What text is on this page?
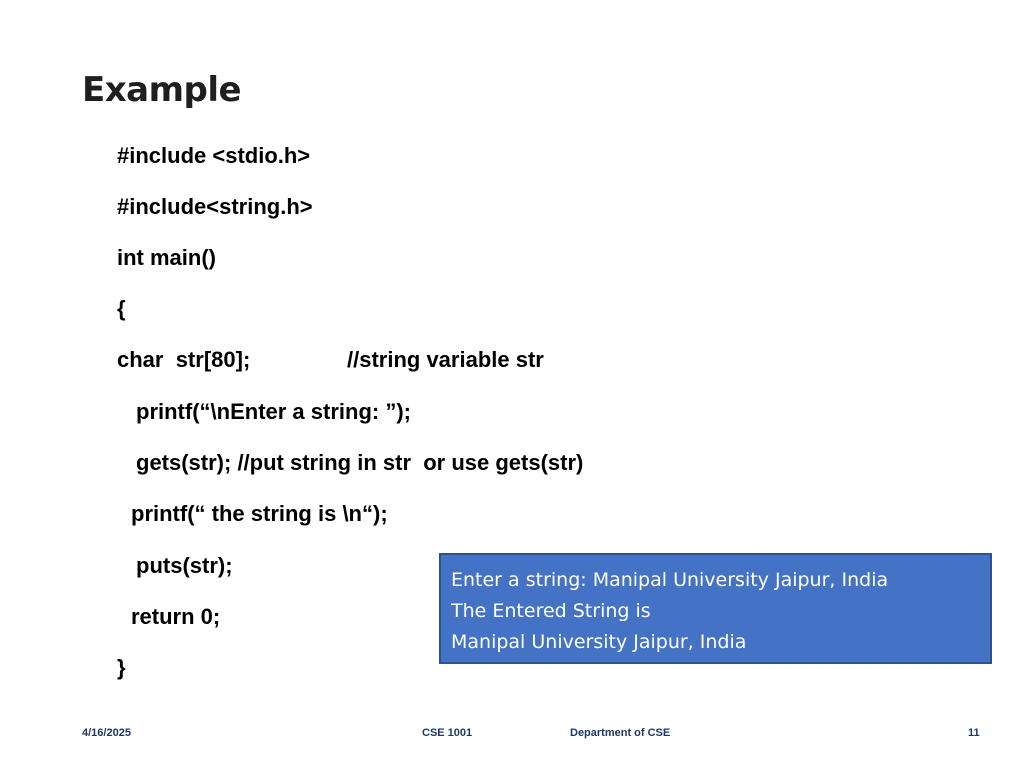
Example
#include <stdio.h>
#include<string.h>
int main()
{
char  str[80];	//string variable str
printf(“\nEnter a string: ”);
gets(str); //put string in str  or use gets(str)
printf(“ the string is \n“);
puts(str);
return 0;
}
Enter a string: Manipal University Jaipur, India
The Entered String is
Manipal University Jaipur, India
4/16/2025	CSE 1001	Department of CSE	11
